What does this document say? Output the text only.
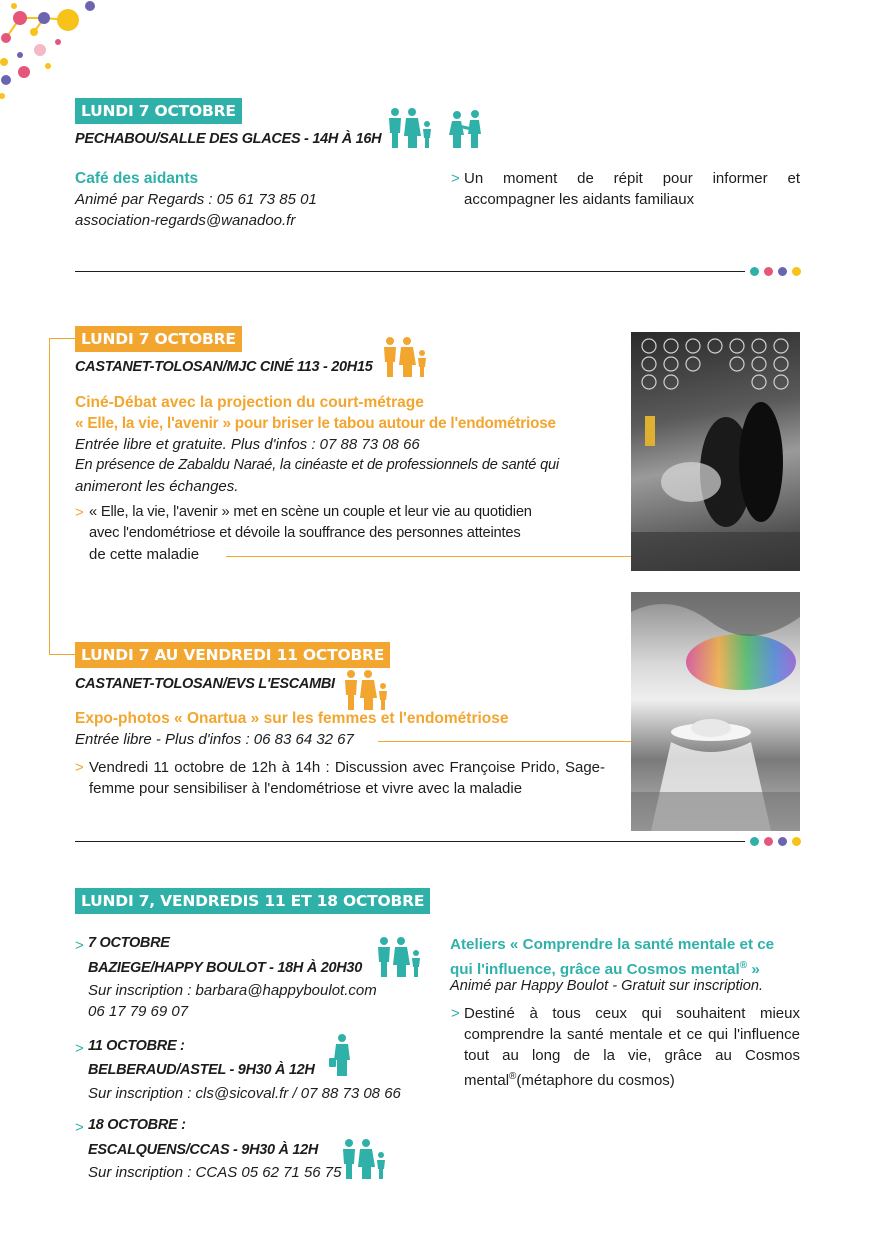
LUNDI 7 OCTOBRE
PECHABOU/SALLE DES GLACES - 14H À 16H
Café des aidants
Animé par Regards : 05 61 73 85 01
association-regards@wanadoo.fr
> Un moment de répit pour informer et accompagner les aidants familiaux
LUNDI 7 OCTOBRE
CASTANET-TOLOSAN/MJC CINÉ 113 - 20H15
Ciné-Débat avec la projection du court-métrage
« Elle, la vie, l'avenir » pour briser le tabou autour de l'endométriose
Entrée libre et gratuite. Plus d'infos : 07 88 73 08 66
En présence de Zabaldu Naraé, la cinéaste et de professionnels de santé qui
animeront les échanges.
> « Elle, la vie, l'avenir » met en scène un couple et leur vie au quotidien
avec l'endométriose et dévoile la souffrance des personnes atteintes
de cette maladie
LUNDI 7 AU VENDREDI 11 OCTOBRE
CASTANET-TOLOSAN/EVS L'ESCAMBI
Expo-photos « Onartua » sur les femmes et l'endométriose
Entrée libre - Plus d'infos : 06 83 64 32 67
> Vendredi 11 octobre de 12h à 14h : Discussion avec Françoise Prido, Sage-femme pour sensibiliser à l'endométriose et vivre avec la maladie
LUNDI 7, VENDREDIS 11 ET 18 OCTOBRE
> 7 OCTOBRE
BAZIEGE/HAPPY BOULOT - 18H À 20H30
Sur inscription : barbara@happyboulot.com
06 17 79 69 07
> 11 OCTOBRE :
BELBERAUD/ASTEL - 9H30 À 12H
Sur inscription : cls@sicoval.fr / 07 88 73 08 66
> 18 OCTOBRE :
ESCALQUENS/CCAS - 9H30 À 12H
Sur inscription : CCAS 05 62 71 56 75
Ateliers « Comprendre la santé mentale et ce
qui l'influence, grâce au Cosmos mental® »
Animé par Happy Boulot - Gratuit sur inscription.
> Destiné à tous ceux qui souhaitent mieux comprendre la santé mentale et ce qui l'influence tout au long de la vie, grâce au Cosmos mental®(métaphore du cosmos)
